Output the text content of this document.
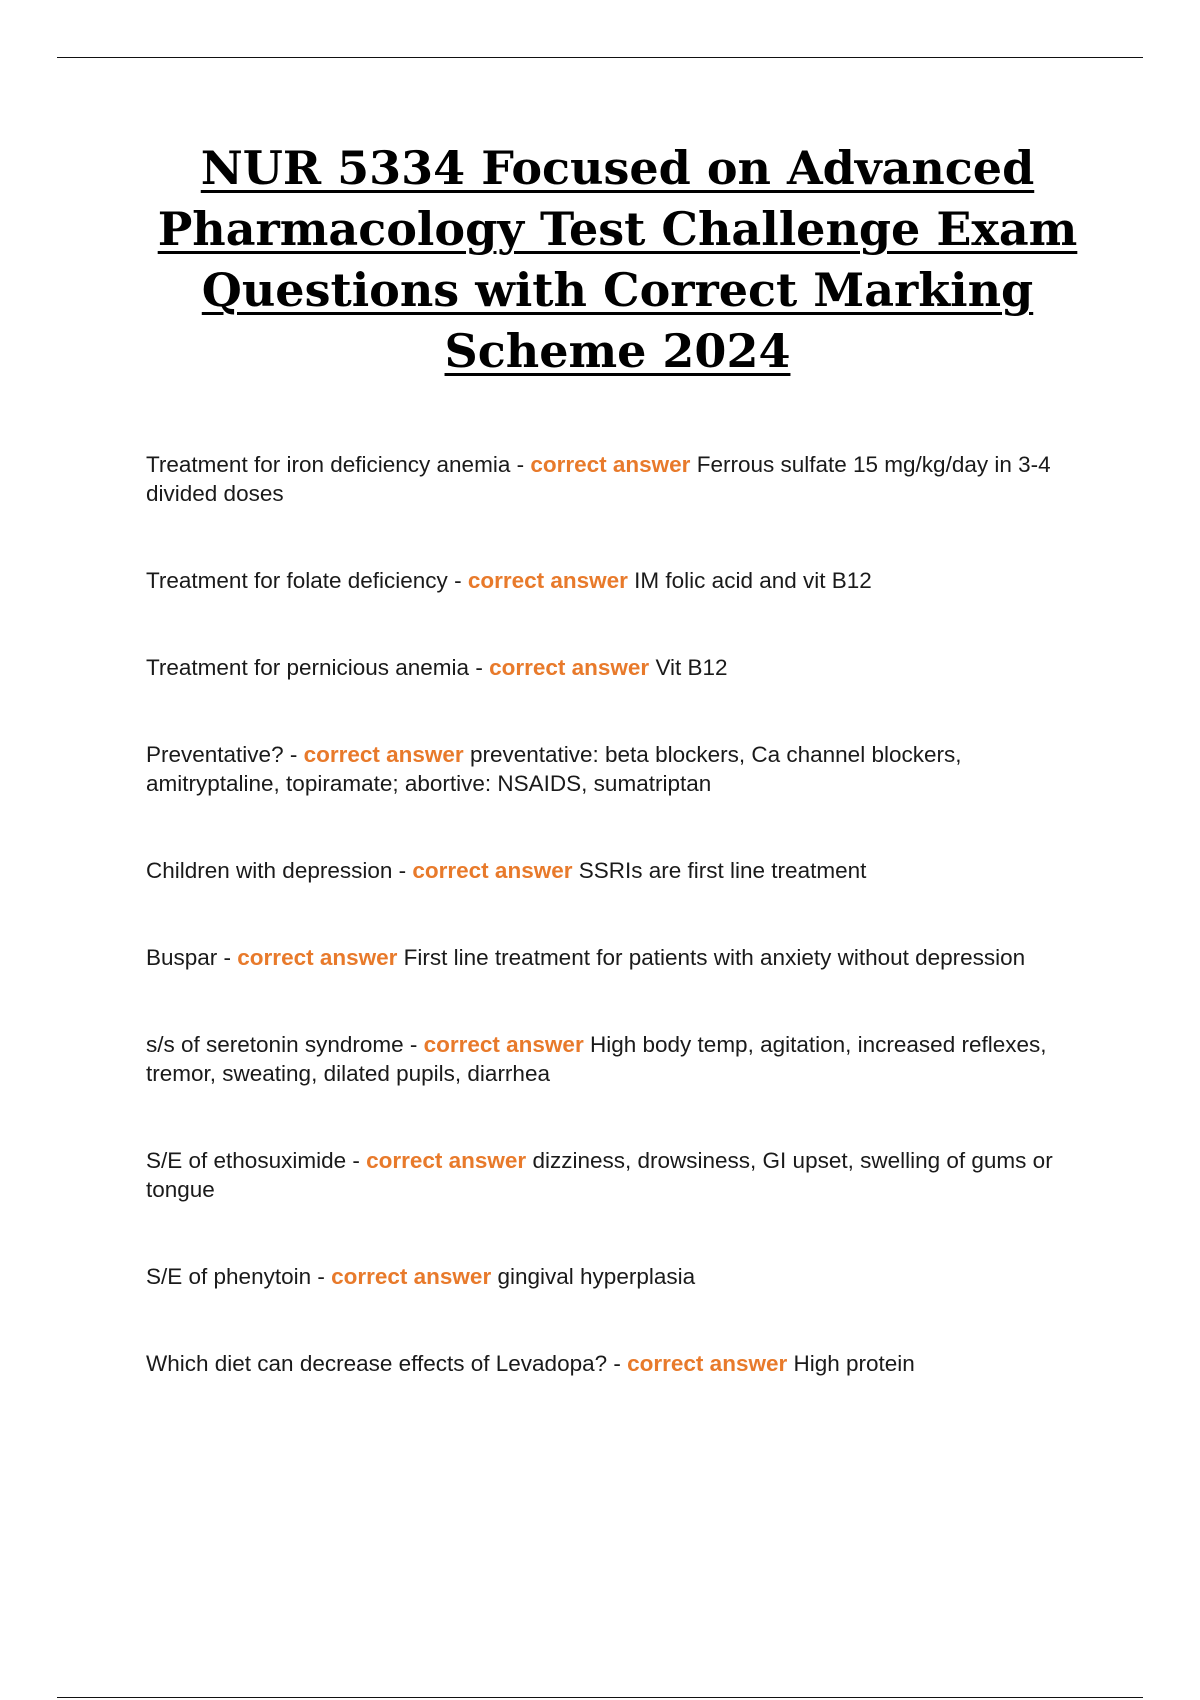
NUR 5334 Focused on Advanced Pharmacology Test Challenge Exam Questions with Correct Marking Scheme 2024
Treatment for iron deficiency anemia - correct answer Ferrous sulfate 15 mg/kg/day in 3-4 divided doses
Treatment for folate deficiency - correct answer IM folic acid and vit B12
Treatment for pernicious anemia - correct answer Vit B12
Preventative? - correct answer preventative: beta blockers, Ca channel blockers, amitryptaline, topiramate; abortive: NSAIDS, sumatriptan
Children with depression - correct answer SSRIs are first line treatment
Buspar - correct answer First line treatment for patients with anxiety without depression
s/s of seretonin syndrome - correct answer High body temp, agitation, increased reflexes, tremor, sweating, dilated pupils, diarrhea
S/E of ethosuximide - correct answer dizziness, drowsiness, GI upset, swelling of gums or tongue
S/E of phenytoin - correct answer gingival hyperplasia
Which diet can decrease effects of Levadopa? - correct answer High protein
